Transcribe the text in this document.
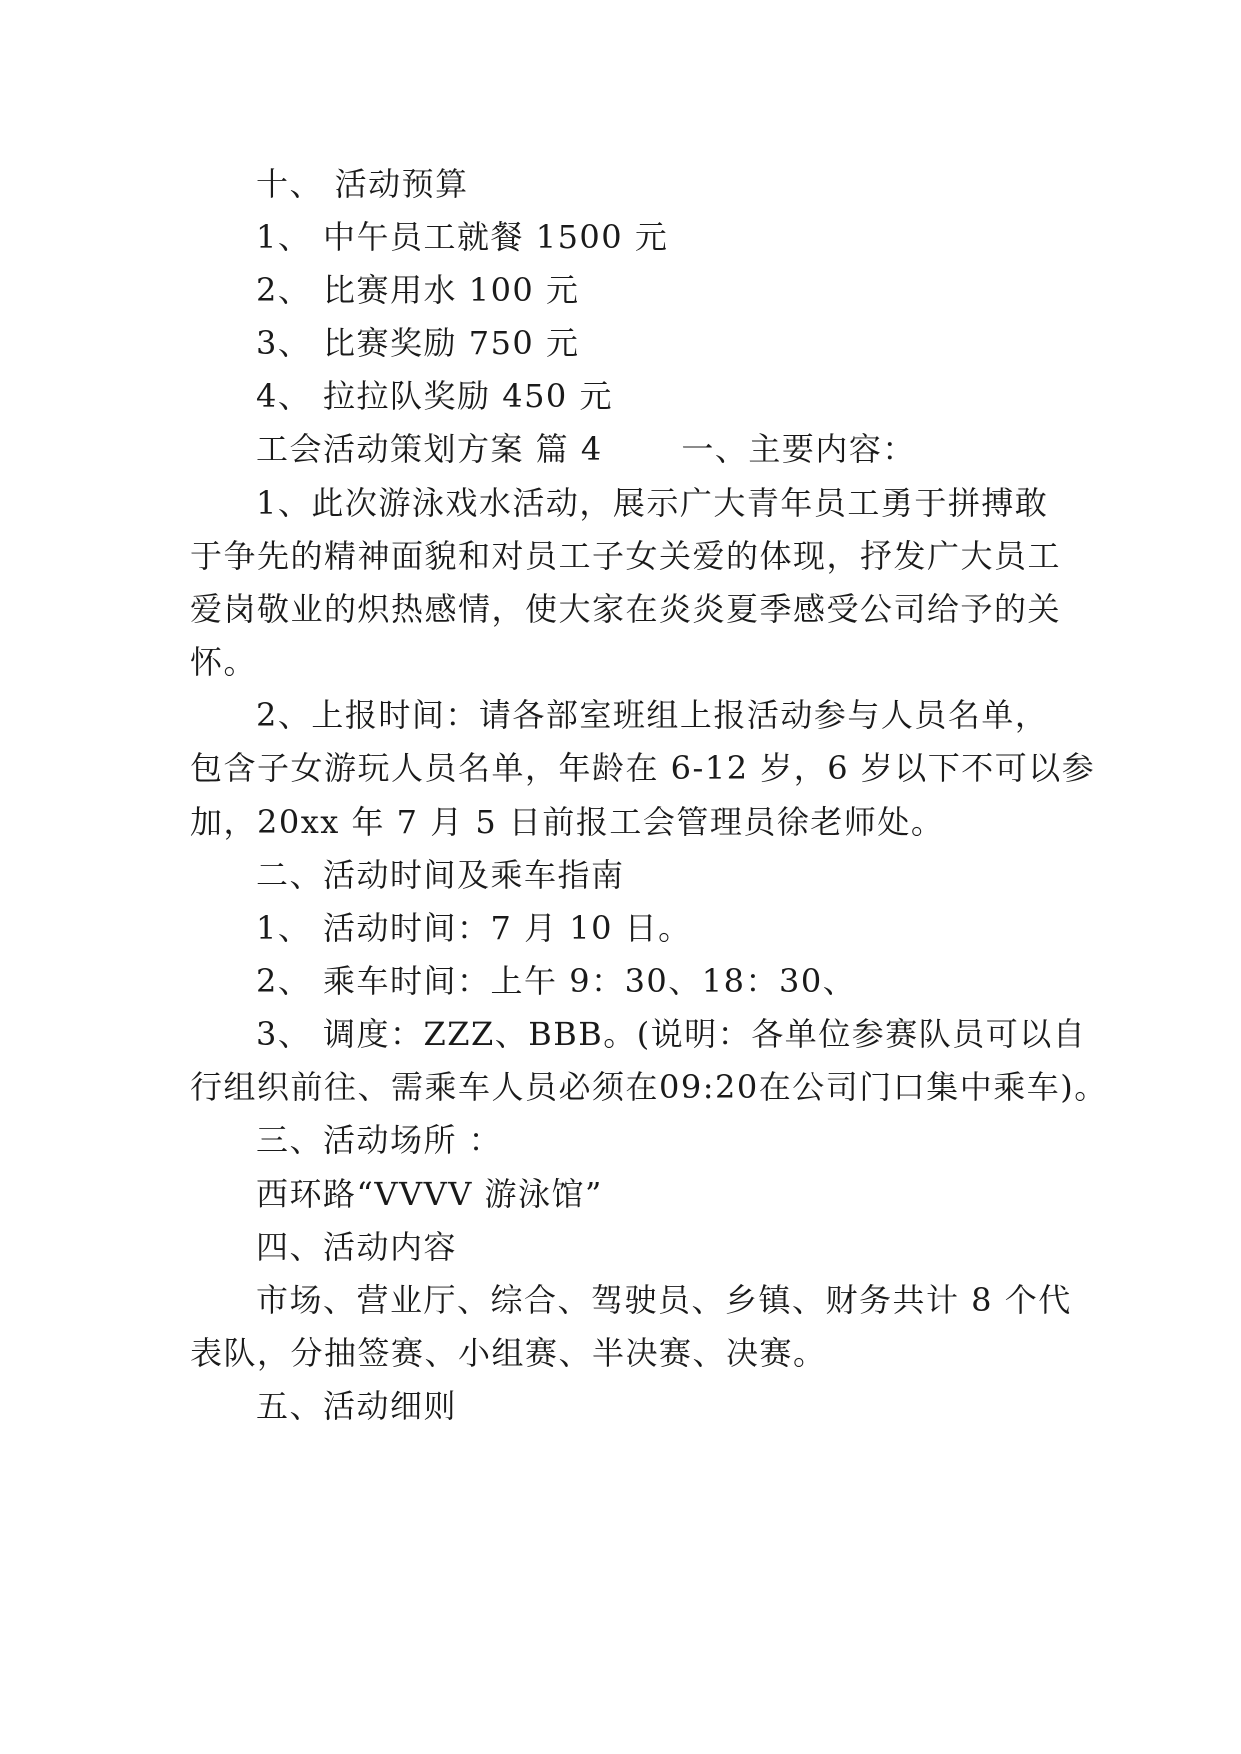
十、 活动预算
1、 中午员工就餐 1500 元
2、 比赛用水 100 元
3、 比赛奖励 750 元
4、 拉拉队奖励 450 元
工会活动策划方案 篇 4 　　一、主要内容：
1、此次游泳戏水活动，展示广大青年员工勇于拼搏敢
于争先的精神面貌和对员工子女关爱的体现，抒发广大员工
爱岗敬业的炽热感情，使大家在炎炎夏季感受公司给予的关
怀。
2、上报时间：请各部室班组上报活动参与人员名单，
包含子女游玩人员名单，年龄在 6-12 岁，6 岁以下不可以参
加，20xx 年 7 月 5 日前报工会管理员徐老师处。
二、活动时间及乘车指南
1、 活动时间：7 月 10 日。
2、 乘车时间：上午 9：30、18：30、
3、 调度：ZZZ、BBB。(说明：各单位参赛队员可以自
行组织前往、需乘车人员必须在09:20在公司门口集中乘车)。
三、活动场所 ：
西环路“VVVV 游泳馆”
四、活动内容
市场、营业厅、综合、驾驶员、乡镇、财务共计 8 个代
表队，分抽签赛、小组赛、半决赛、决赛。
五、活动细则
